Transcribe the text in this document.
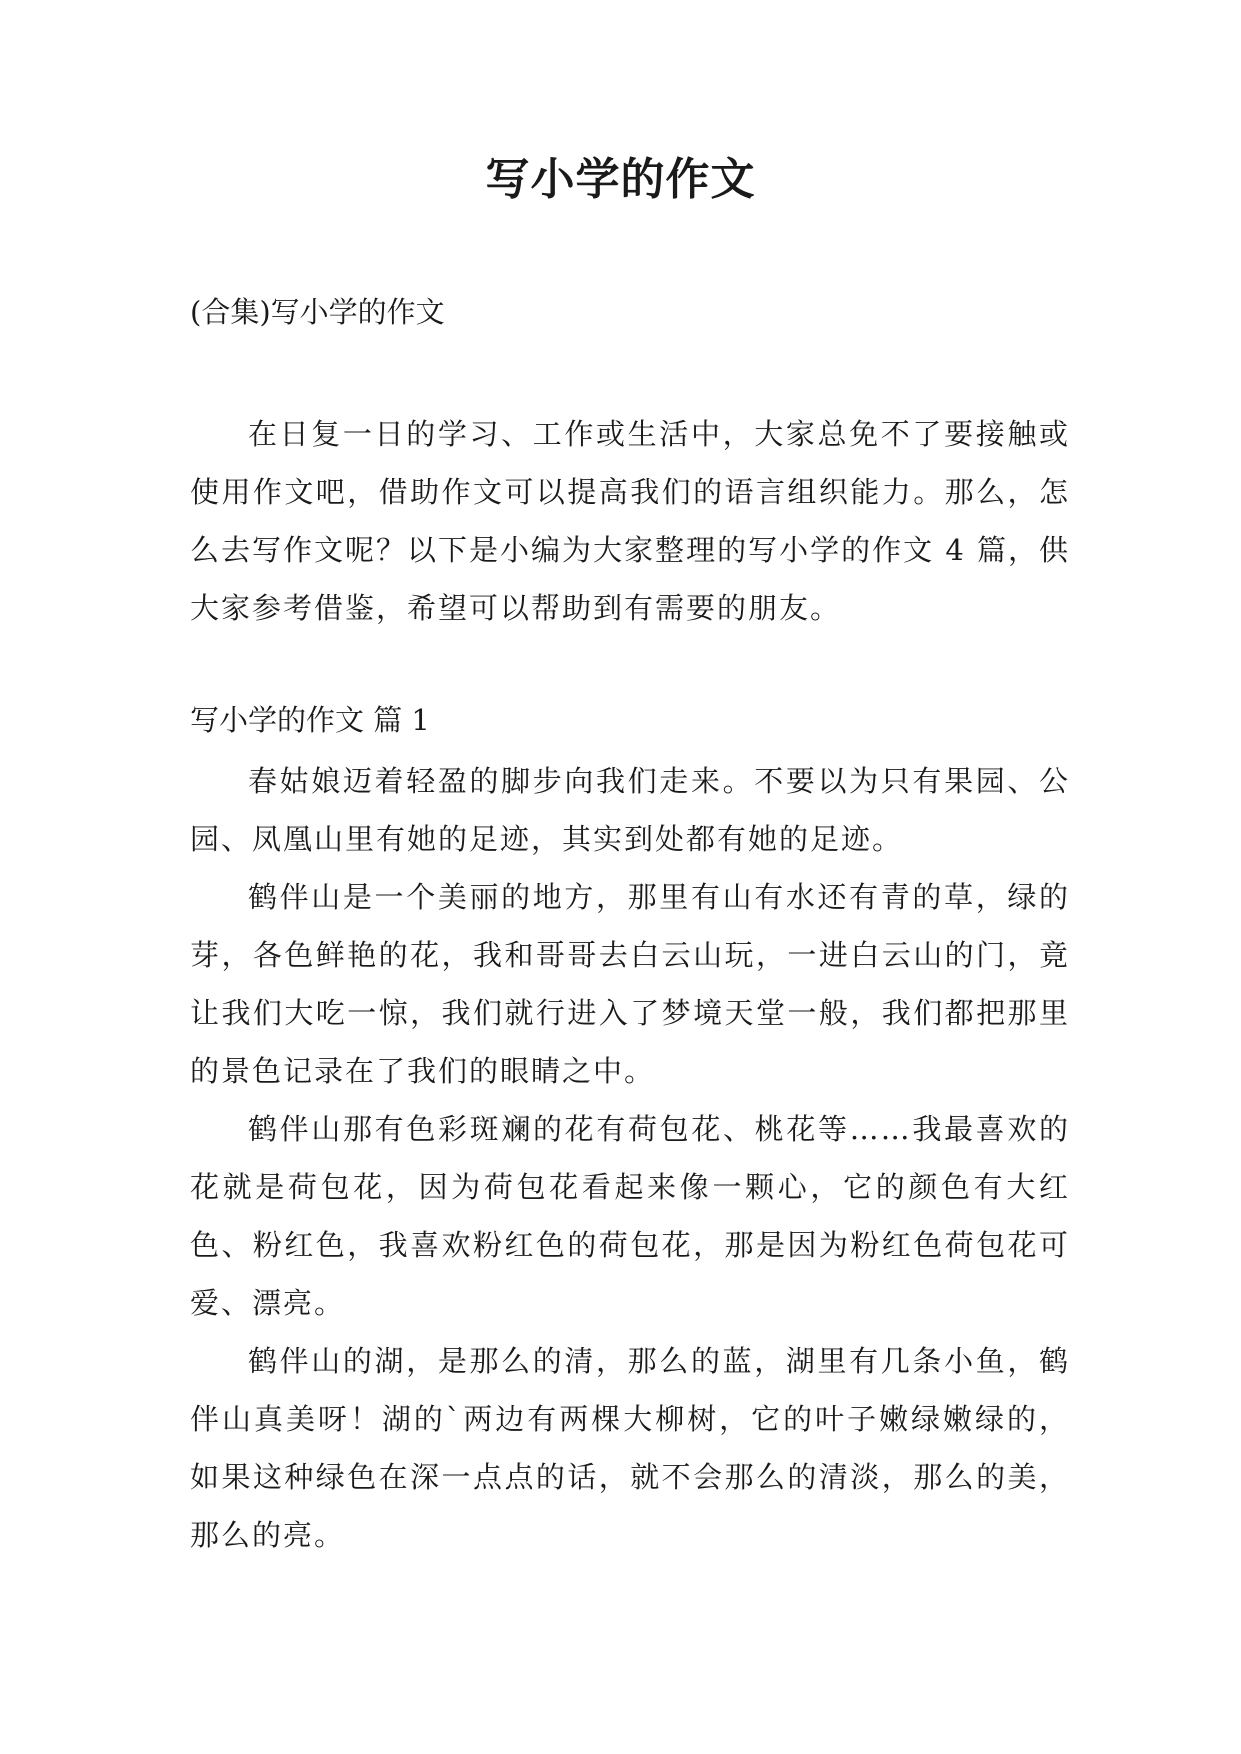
写小学的作文

(合集)写小学的作文

在日复一日的学习、工作或生活中，大家总免不了要接触或使用作文吧，借助作文可以提高我们的语言组织能力。那么，怎么去写作文呢？以下是小编为大家整理的写小学的作文 4 篇，供大家参考借鉴，希望可以帮助到有需要的朋友。

写小学的作文 篇 1

春姑娘迈着轻盈的脚步向我们走来。不要以为只有果园、公园、凤凰山里有她的足迹，其实到处都有她的足迹。

鹤伴山是一个美丽的地方，那里有山有水还有青的草，绿的芽，各色鲜艳的花，我和哥哥去白云山玩，一进白云山的门，竟让我们大吃一惊，我们就行进入了梦境天堂一般，我们都把那里的景色记录在了我们的眼睛之中。

鹤伴山那有色彩斑斓的花有荷包花、桃花等……我最喜欢的花就是荷包花，因为荷包花看起来像一颗心，它的颜色有大红色、粉红色，我喜欢粉红色的荷包花，那是因为粉红色荷包花可爱、漂亮。

鹤伴山的湖，是那么的清，那么的蓝，湖里有几条小鱼，鹤伴山真美呀！湖的`两边有两棵大柳树，它的叶子嫩绿嫩绿的，如果这种绿色在深一点点的话，就不会那么的清淡，那么的美，那么的亮。
